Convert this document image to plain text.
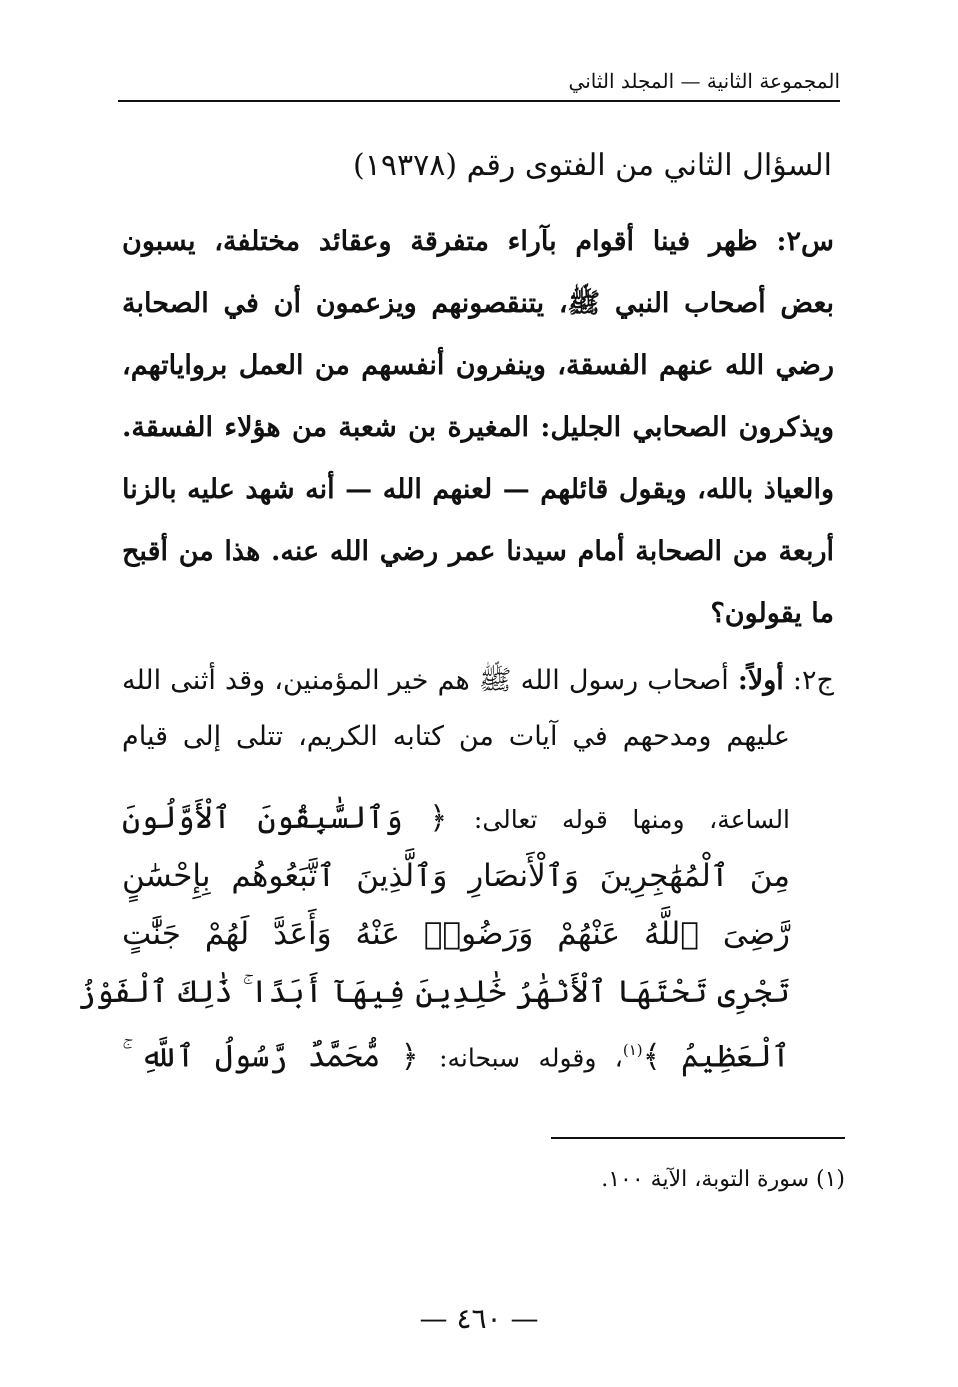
المجموعة الثانية — المجلد الثاني
السؤال الثاني من الفتوى رقم (١٩٣٧٨)
س٢: ظهر فينا أقوام بآراء متفرقة وعقائد مختلفة، يسبون
بعض أصحاب النبي ﷺ، يتنقصونهم ويزعمون أن في الصحابة
رضي الله عنهم الفسقة، وينفرون أنفسهم من العمل برواياتهم،
ويذكرون الصحابي الجليل: المغيرة بن شعبة من هؤلاء الفسقة.
والعياذ بالله، ويقول قائلهم — لعنهم الله — أنه شهد عليه بالزنا
أربعة من الصحابة أمام سيدنا عمر رضي الله عنه. هذا من أقبح
ما يقولون؟
ج٢: أولاً: أصحاب رسول الله ﷺ هم خير المؤمنين، وقد أثنى الله
عليهم ومدحهم في آيات من كتابه الكريم، تتلى إلى قيام
الساعة، ومنها قوله تعالى: ﴿ وَٱلسَّٰبِقُونَ ٱلْأَوَّلُونَ
مِنَ ٱلْمُهَٰجِرِينَ وَٱلْأَنصَارِ وَٱلَّذِينَ ٱتَّبَعُوهُم بِإِحْسَٰنٍ
رَّضِىَ ٱللَّهُ عَنْهُمْ وَرَضُوا۟ عَنْهُ وَأَعَدَّ لَهُمْ جَنَّٰتٍ
تَجْرِى تَحْتَهَا ٱلْأَنْهَٰرُ خَٰلِدِينَ فِيهَآ أَبَدًا ۚ ذَٰلِكَ ٱلْفَوْزُ
ٱلْعَظِيمُ ﴾$^{(١)}$، وقوله سبحانه: ﴿ مُّحَمَّدٌ رَّسُولُ ٱللَّهِ ۚ
(١) سورة التوبة، الآية ١٠٠.
— ٤٦٠ —
